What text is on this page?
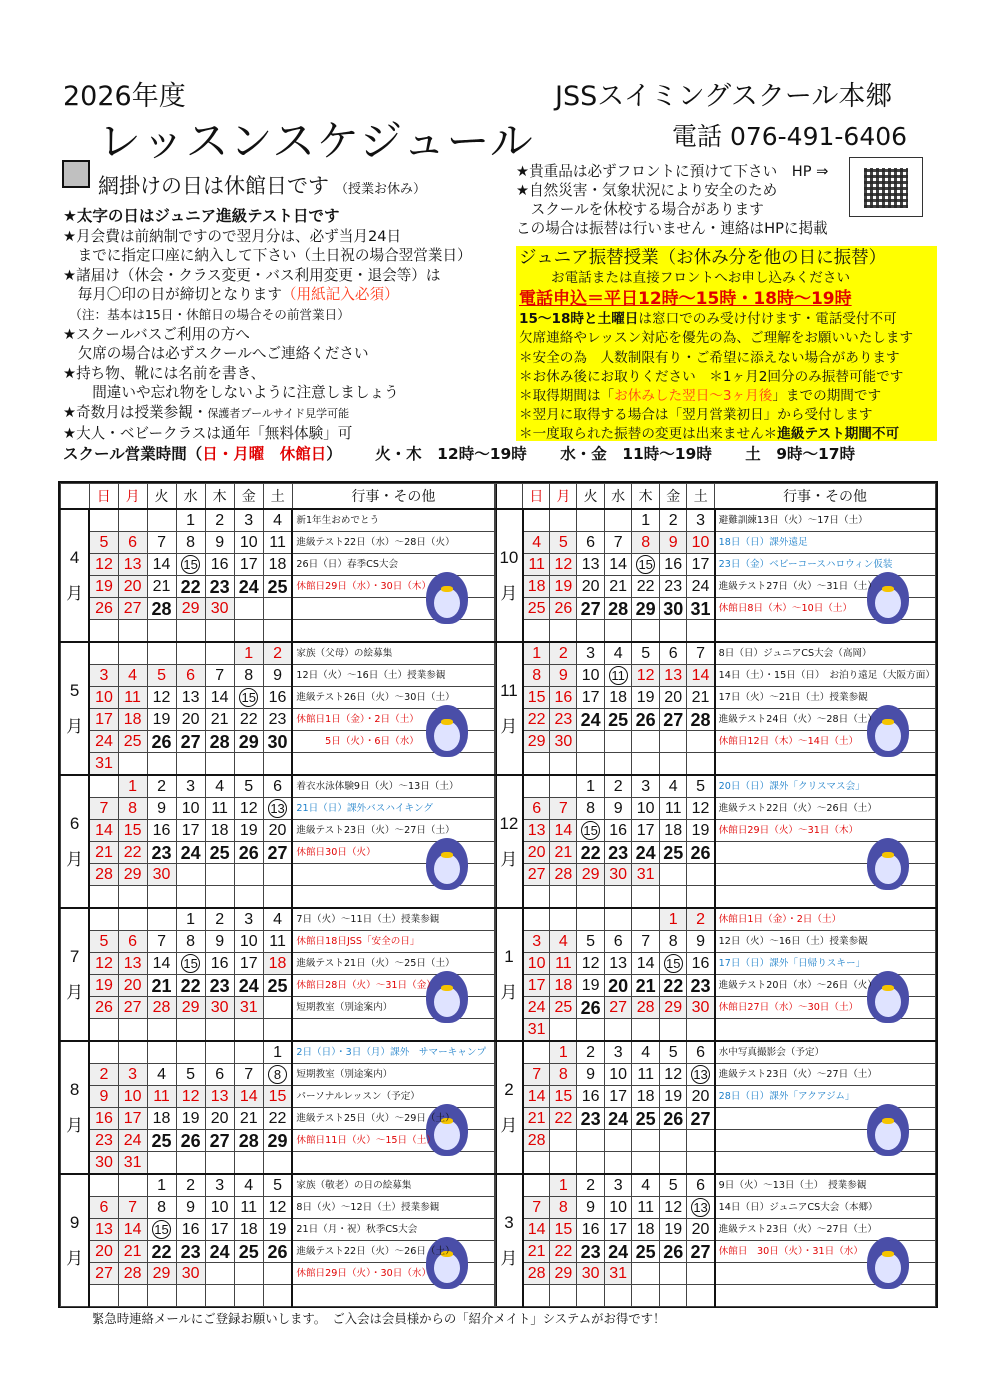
2026年度	JSSスイミングスクール本郷
レッスンスケジュール	電話 076-491-6406
網掛けの日は休館日です （授業お休み）
★太字の日はジュニア進級テスト日です
★月会費は前納制ですので翌月分は、必ず当月24日
　までに指定口座に納入して下さい（土日祝の場合翌営業日）
★諸届け（休会・クラス変更・バス利用変更・退会等）は
　毎月〇印の日が締切となります（用紙記入必須）
　（注：基本は15日・休館日の場合その前営業日）
★スクールバスご利用の方へ
　欠席の場合は必ずスクールへご連絡ください
★持ち物、靴には名前を書き、
　　間違いや忘れ物をしないように注意しましょう
★奇数月は授業参観・保護者プールサイド見学可能
★大人・ベビークラスは通年「無料体験」可
★貴重品は必ずフロントに預けて下さい　HP ⇒
★自然災害・気象状況により安全のため
　スクールを休校する場合があります
この場合は振替は行いません・連絡はHPに掲載
ジュニア振替授業（お休み分を他の日に振替）
お電話または直接フロントへお申し込みください
電話申込＝平日12時～15時・18時～19時
15～18時と土曜日は窓口でのみ受け付けます・電話受付不可
欠席連絡やレッスン対応を優先の為、ご理解をお願いいたします
＊安全の為　人数制限有り・ご希望に添えない場合があります
＊お休み後にお取りください　＊1ヶ月2回分のみ振替可能です
＊取得期間は「お休みした翌日～3ヶ月後」までの期間です
＊翌月に取得する場合は「翌月営業初日」から受付します
＊一度取られた振替の変更は出来ません＊進級テスト期間不可
スクール営業時間（日・月曜　休館日） 火・木　12時～19時 水・金　11時～19時 土　9時～17時
	日	月	火	水	木	金	土	行事・その他

4
月				1	2	3	4	新1年生おめでとう

	5	6	7	8	9	10	11	進級テスト22日（水）～28日（火）
	12	13	14	15	16	17	18	26日（日）春季CS大会
	19	20	21	22	23	24	25	休館日29日（水）・30日（木）
	26	27	28	29	30			

5
月						1	2	家族（父母）の絵募集

	3	4	5	6	7	8	9	12日（火）～16日（土）授業参観
	10	11	12	13	14	15	16	進級テスト26日（火）～30日（土）
	17	18	19	20	21	22	23	休館日1日（金）・2日（土）
	24	25	26	27	28	29	30	　　　5日（火）・6日（水）
	31							

6
月		1	2	3	4	5	6	着衣水泳体験9日（火）～13日（土）

	7	8	9	10	11	12	13	21日（日）課外バスハイキング
	14	15	16	17	18	19	20	進級テスト23日（火）～27日（土）
	21	22	23	24	25	26	27	休館日30日（火）
	28	29	30					

7
月				1	2	3	4	7日（火）～11日（土）授業参観

	5	6	7	8	9	10	11	休館日18日JSS「安全の日」
	12	13	14	15	16	17	18	進級テスト21日（火）～25日（土）
	19	20	21	22	23	24	25	休館日28日（火）～31日（金）
	26	27	28	29	30	31		短期教室（別途案内）

8
月							1	2日（日）・3日（月）課外　サマーキャンプ

	2	3	4	5	6	7	8	短期教室（別途案内）
	9	10	11	12	13	14	15	パーソナルレッスン（予定）
	16	17	18	19	20	21	22	進級テスト25日（火）～29日（土）
	23	24	25	26	27	28	29	休館日11日（火）～15日（土）
	30	31						

9
月			1	2	3	4	5	家族（敬老）の日の絵募集

	6	7	8	9	10	11	12	8日（火）～12日（土）授業参観
	13	14	15	16	17	18	19	21日（月・祝）秋季CS大会
	20	21	22	23	24	25	26	進級テスト22日（火）～26日（土）
	27	28	29	30				休館日29日（火）・30日（水）

	日	月	火	水	木	金	土	行事・その他

10
月					1	2	3	避難訓練13日（火）～17日（土）

	4	5	6	7	8	9	10	18日（日）課外遠足
	11	12	13	14	15	16	17	23日（金）ベビーコースハロウィン仮装
	18	19	20	21	22	23	24	進級テスト27日（火）～31日（土）
	25	26	27	28	29	30	31	休館日8日（木）～10日（土）

11
月	1	2	3	4	5	6	7	8日（日）ジュニアCS大会（高岡）

	8	9	10	11	12	13	14	14日（土）・15日（日）　お泊り遠足（大阪方面）
	15	16	17	18	19	20	21	17日（火）～21日（土）授業参観
	22	23	24	25	26	27	28	進級テスト24日（火）～28日（土）
	29	30						休館日12日（木）～14日（土）

12
月			1	2	3	4	5	20日（日）課外「クリスマス会」

	6	7	8	9	10	11	12	進級テスト22日（火）～26日（土）
	13	14	15	16	17	18	19	休館日29日（火）～31日（木）
	20	21	22	23	24	25	26	
	27	28	29	30	31			

1
月						1	2	休館日1日（金）・2日（土）

	3	4	5	6	7	8	9	12日（火）～16日（土）授業参観
	10	11	12	13	14	15	16	17日（日）課外「日帰りスキー」
	17	18	19	20	21	22	23	進級テスト20日（水）～26日（火）
	24	25	26	27	28	29	30	休館日27日（水）～30日（土）
	31							

2
月		1	2	3	4	5	6	水中写真撮影会（予定）

	7	8	9	10	11	12	13	進級テスト23日（火）～27日（土）
	14	15	16	17	18	19	20	28日（日）課外「アクアジム」
	21	22	23	24	25	26	27	
	28							

3
月		1	2	3	4	5	6	9日（火）～13日（土）　授業参観

	7	8	9	10	11	12	13	14日（日）ジュニアCS大会（本郷）
	14	15	16	17	18	19	20	進級テスト23日（火）～27日（土）
	21	22	23	24	25	26	27	休館日　30日（火）・31日（水）
	28	29	30	31				

緊急時連絡メールにご登録お願いします。　ご入会は会員様からの「紹介メイト」システムがお得です！
